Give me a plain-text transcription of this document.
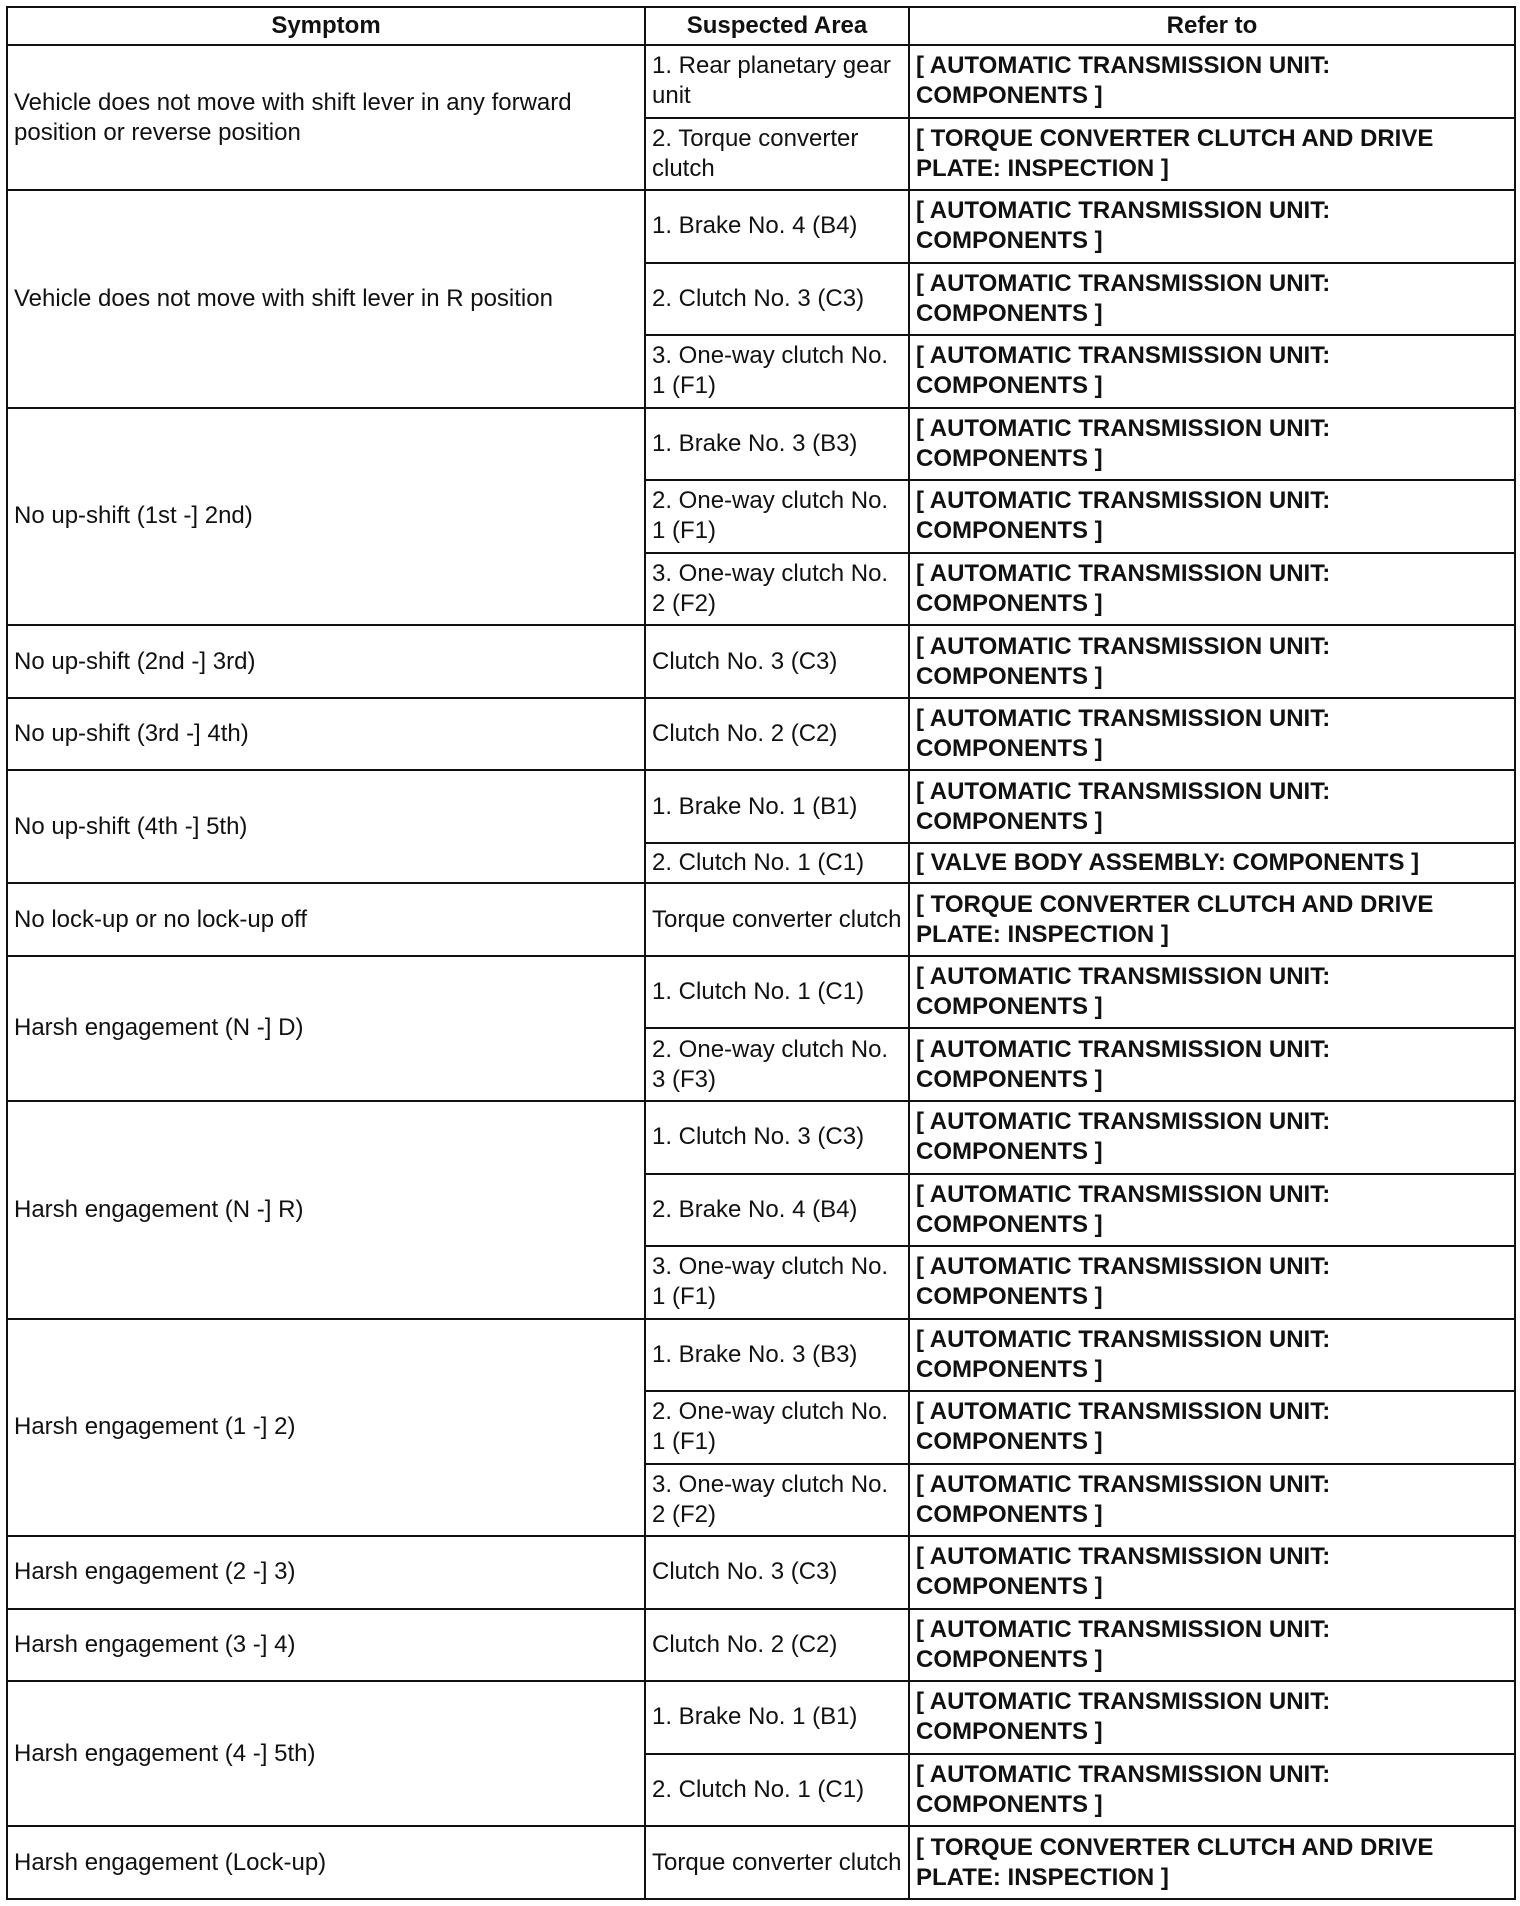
Symptom	Suspected Area	Refer to
Vehicle does not move with shift lever in any forward position or reverse position	1. Rear planetary gear unit	[ AUTOMATIC TRANSMISSION UNIT: COMPONENTS ]
	2. Torque converter clutch	[ TORQUE CONVERTER CLUTCH AND DRIVE PLATE: INSPECTION ]
Vehicle does not move with shift lever in R position	1. Brake No. 4 (B4)	[ AUTOMATIC TRANSMISSION UNIT: COMPONENTS ]
	2. Clutch No. 3 (C3)	[ AUTOMATIC TRANSMISSION UNIT: COMPONENTS ]
	3. One-way clutch No. 1 (F1)	[ AUTOMATIC TRANSMISSION UNIT: COMPONENTS ]
No up-shift (1st -] 2nd)	1. Brake No. 3 (B3)	[ AUTOMATIC TRANSMISSION UNIT: COMPONENTS ]
	2. One-way clutch No. 1 (F1)	[ AUTOMATIC TRANSMISSION UNIT: COMPONENTS ]
	3. One-way clutch No. 2 (F2)	[ AUTOMATIC TRANSMISSION UNIT: COMPONENTS ]
No up-shift (2nd -] 3rd)	Clutch No. 3 (C3)	[ AUTOMATIC TRANSMISSION UNIT: COMPONENTS ]
No up-shift (3rd -] 4th)	Clutch No. 2 (C2)	[ AUTOMATIC TRANSMISSION UNIT: COMPONENTS ]
No up-shift (4th -] 5th)	1. Brake No. 1 (B1)	[ AUTOMATIC TRANSMISSION UNIT: COMPONENTS ]
	2. Clutch No. 1 (C1)	[ VALVE BODY ASSEMBLY: COMPONENTS ]
No lock-up or no lock-up off	Torque converter clutch	[ TORQUE CONVERTER CLUTCH AND DRIVE PLATE: INSPECTION ]
Harsh engagement (N -] D)	1. Clutch No. 1 (C1)	[ AUTOMATIC TRANSMISSION UNIT: COMPONENTS ]
	2. One-way clutch No. 3 (F3)	[ AUTOMATIC TRANSMISSION UNIT: COMPONENTS ]
Harsh engagement (N -] R)	1. Clutch No. 3 (C3)	[ AUTOMATIC TRANSMISSION UNIT: COMPONENTS ]
	2. Brake No. 4 (B4)	[ AUTOMATIC TRANSMISSION UNIT: COMPONENTS ]
	3. One-way clutch No. 1 (F1)	[ AUTOMATIC TRANSMISSION UNIT: COMPONENTS ]
Harsh engagement (1 -] 2)	1. Brake No. 3 (B3)	[ AUTOMATIC TRANSMISSION UNIT: COMPONENTS ]
	2. One-way clutch No. 1 (F1)	[ AUTOMATIC TRANSMISSION UNIT: COMPONENTS ]
	3. One-way clutch No. 2 (F2)	[ AUTOMATIC TRANSMISSION UNIT: COMPONENTS ]
Harsh engagement (2 -] 3)	Clutch No. 3 (C3)	[ AUTOMATIC TRANSMISSION UNIT: COMPONENTS ]
Harsh engagement (3 -] 4)	Clutch No. 2 (C2)	[ AUTOMATIC TRANSMISSION UNIT: COMPONENTS ]
Harsh engagement (4 -] 5th)	1. Brake No. 1 (B1)	[ AUTOMATIC TRANSMISSION UNIT: COMPONENTS ]
	2. Clutch No. 1 (C1)	[ AUTOMATIC TRANSMISSION UNIT: COMPONENTS ]
Harsh engagement (Lock-up)	Torque converter clutch	[ TORQUE CONVERTER CLUTCH AND DRIVE PLATE: INSPECTION ]
